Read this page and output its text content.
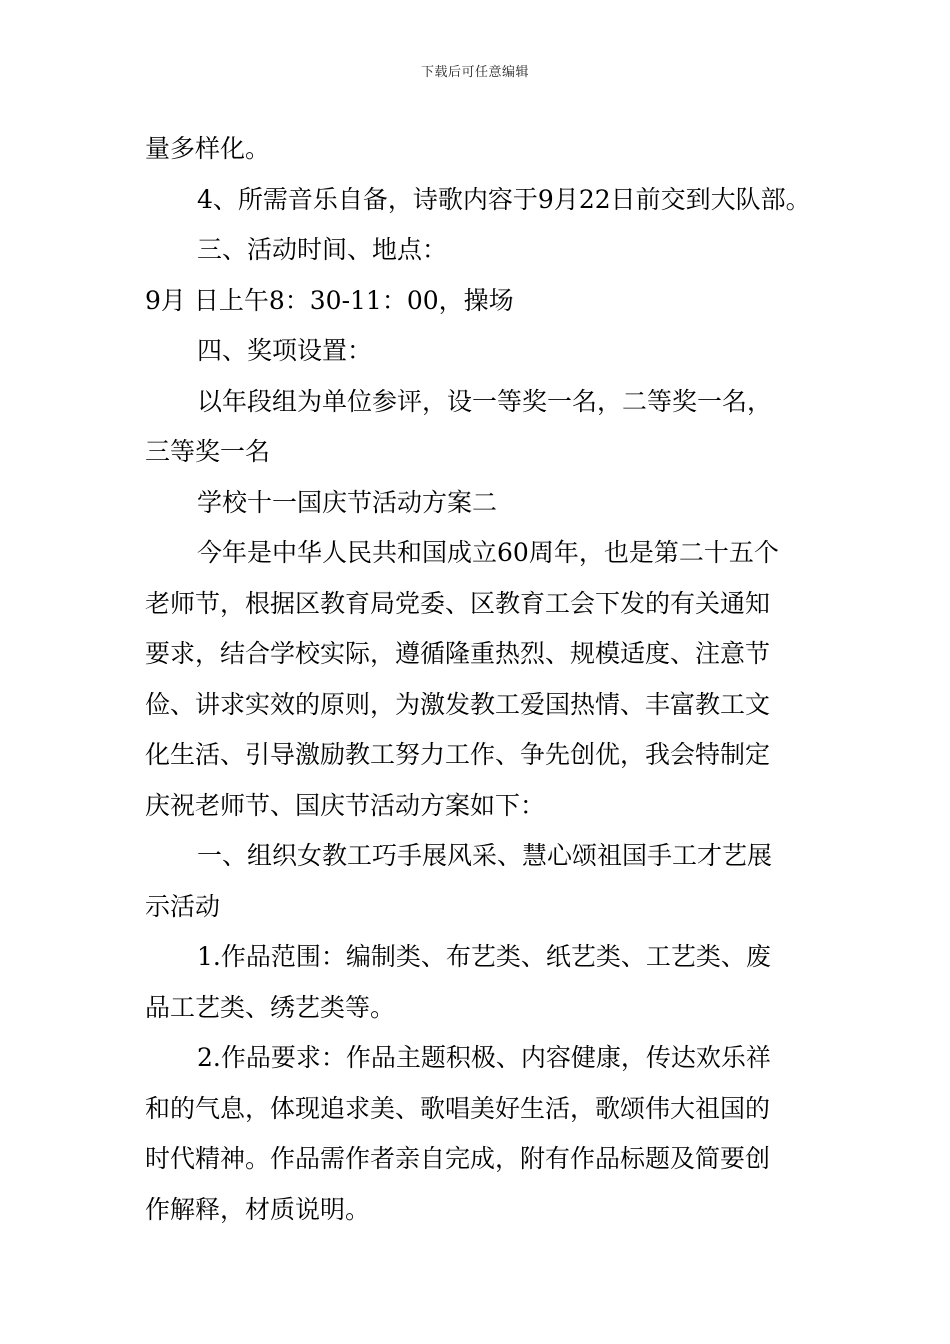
下载后可任意编辑
量多样化。
4、所需音乐自备，诗歌内容于9月22日前交到大队部。
三、活动时间、地点：
9月 日上午8：30-11：00，操场
四、奖项设置：
以年段组为单位参评，设一等奖一名，二等奖一名，
三等奖一名
学校十一国庆节活动方案二
今年是中华人民共和国成立60周年，也是第二十五个
老师节，根据区教育局党委、区教育工会下发的有关通知
要求，结合学校实际，遵循隆重热烈、规模适度、注意节
俭、讲求实效的原则，为激发教工爱国热情、丰富教工文
化生活、引导激励教工努力工作、争先创优，我会特制定
庆祝老师节、国庆节活动方案如下：
一、组织女教工巧手展风采、慧心颂祖国手工才艺展
示活动
1.作品范围：编制类、布艺类、纸艺类、工艺类、废
品工艺类、绣艺类等。
2.作品要求：作品主题积极、内容健康，传达欢乐祥
和的气息，体现追求美、歌唱美好生活，歌颂伟大祖国的
时代精神。作品需作者亲自完成，附有作品标题及简要创
作解释，材质说明。
